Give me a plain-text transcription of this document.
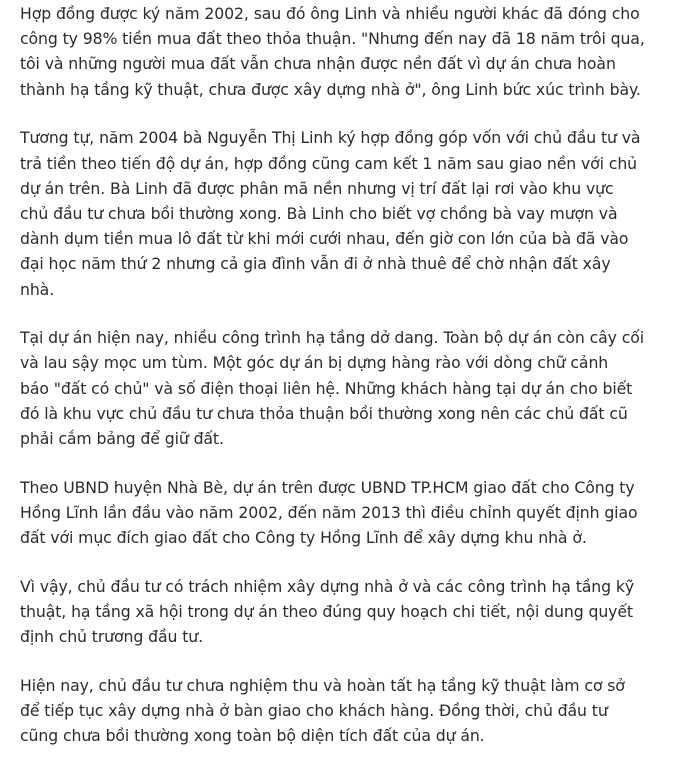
Hợp đồng được ký năm 2002, sau đó ông Linh và nhiều người khác đã đóng cho
công ty 98% tiền mua đất theo thỏa thuận. "Nhưng đến nay đã 18 năm trôi qua,
tôi và những người mua đất vẫn chưa nhận được nền đất vì dự án chưa hoàn
thành hạ tầng kỹ thuật, chưa được xây dựng nhà ở", ông Linh bức xúc trình bày.

Tương tự, năm 2004 bà Nguyễn Thị Linh ký hợp đồng góp vốn với chủ đầu tư và
trả tiền theo tiến độ dự án, hợp đồng cũng cam kết 1 năm sau giao nền với chủ
dự án trên. Bà Linh đã được phân mã nền nhưng vị trí đất lại rơi vào khu vực
chủ đầu tư chưa bồi thường xong. Bà Linh cho biết vợ chồng bà vay mượn và
dành dụm tiền mua lô đất từ khi mới cưới nhau, đến giờ con lớn của bà đã vào
đại học năm thứ 2 nhưng cả gia đình vẫn đi ở nhà thuê để chờ nhận đất xây
nhà.

Tại dự án hiện nay, nhiều công trình hạ tầng dở dang. Toàn bộ dự án còn cây cối
và lau sậy mọc um tùm. Một góc dự án bị dựng hàng rào với dòng chữ cảnh
báo "đất có chủ" và số điện thoại liên hệ. Những khách hàng tại dự án cho biết
đó là khu vực chủ đầu tư chưa thỏa thuận bồi thường xong nên các chủ đất cũ
phải cắm bảng để giữ đất.

Theo UBND huyện Nhà Bè, dự án trên được UBND TP.HCM giao đất cho Công ty
Hồng Lĩnh lần đầu vào năm 2002, đến năm 2013 thì điều chỉnh quyết định giao
đất với mục đích giao đất cho Công ty Hồng Lĩnh để xây dựng khu nhà ở.

Vì vậy, chủ đầu tư có trách nhiệm xây dựng nhà ở và các công trình hạ tầng kỹ
thuật, hạ tầng xã hội trong dự án theo đúng quy hoạch chi tiết, nội dung quyết
định chủ trương đầu tư.

Hiện nay, chủ đầu tư chưa nghiệm thu và hoàn tất hạ tầng kỹ thuật làm cơ sở
để tiếp tục xây dựng nhà ở bàn giao cho khách hàng. Đồng thời, chủ đầu tư
cũng chưa bồi thường xong toàn bộ diện tích đất của dự án.
